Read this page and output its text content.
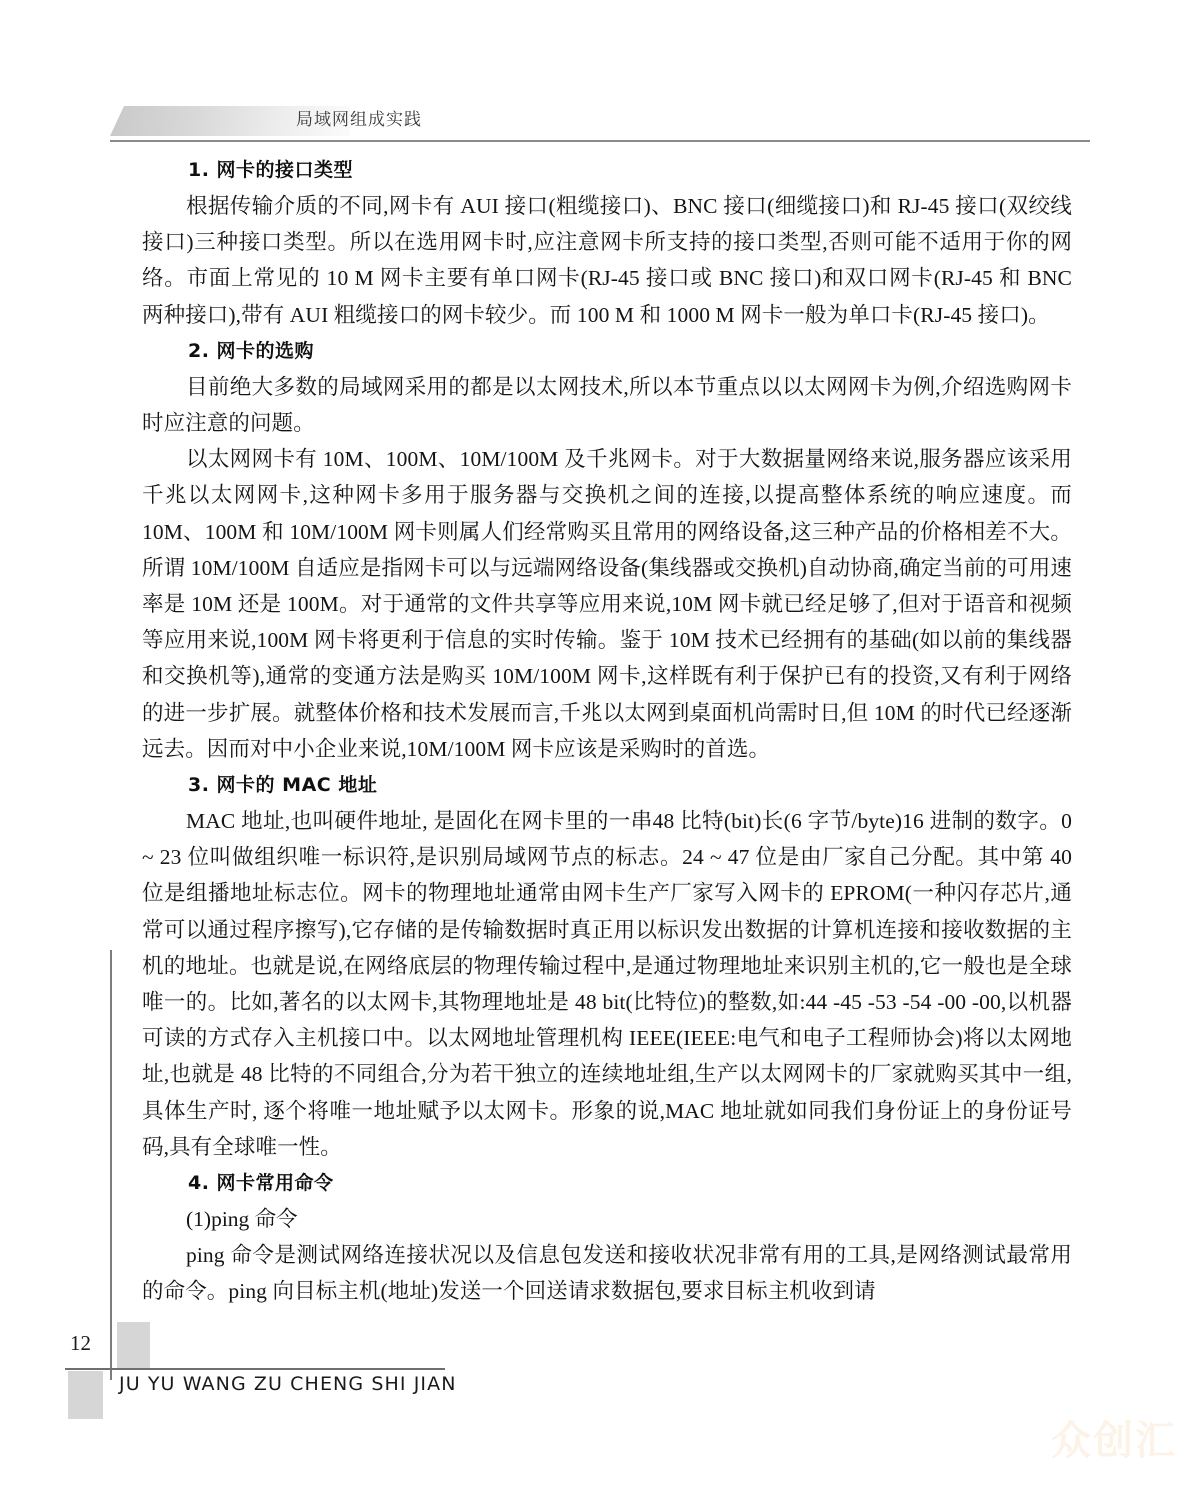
局域网组成实践
1. 网卡的接口类型

根据传输介质的不同,网卡有 AUI 接口(粗缆接口)、BNC 接口(细缆接口)和 RJ-45 接口(双绞线接口)三种接口类型。所以在选用网卡时,应注意网卡所支持的接口类型,否则可能不适用于你的网络。市面上常见的 10 M 网卡主要有单口网卡(RJ-45 接口或 BNC 接口)和双口网卡(RJ-45 和 BNC 两种接口),带有 AUI 粗缆接口的网卡较少。而 100 M 和 1000 M 网卡一般为单口卡(RJ-45 接口)。

2. 网卡的选购

目前绝大多数的局域网采用的都是以太网技术,所以本节重点以以太网网卡为例,介绍选购网卡时应注意的问题。

以太网网卡有 10M、100M、10M/100M 及千兆网卡。对于大数据量网络来说,服务器应该采用千兆以太网网卡,这种网卡多用于服务器与交换机之间的连接,以提高整体系统的响应速度。而 10M、100M 和 10M/100M 网卡则属人们经常购买且常用的网络设备,这三种产品的价格相差不大。所谓 10M/100M 自适应是指网卡可以与远端网络设备(集线器或交换机)自动协商,确定当前的可用速率是 10M 还是 100M。对于通常的文件共享等应用来说,10M 网卡就已经足够了,但对于语音和视频等应用来说,100M 网卡将更利于信息的实时传输。鉴于 10M 技术已经拥有的基础(如以前的集线器和交换机等),通常的变通方法是购买 10M/100M 网卡,这样既有利于保护已有的投资,又有利于网络的进一步扩展。就整体价格和技术发展而言,千兆以太网到桌面机尚需时日,但 10M 的时代已经逐渐远去。因而对中小企业来说,10M/100M 网卡应该是采购时的首选。

3. 网卡的 MAC 地址

MAC 地址,也叫硬件地址, 是固化在网卡里的一串48 比特(bit)长(6 字节/byte)16 进制的数字。0 ~ 23 位叫做组织唯一标识符,是识别局域网节点的标志。24 ~ 47 位是由厂家自己分配。其中第 40 位是组播地址标志位。网卡的物理地址通常由网卡生产厂家写入网卡的 EPROM(一种闪存芯片,通常可以通过程序擦写),它存储的是传输数据时真正用以标识发出数据的计算机连接和接收数据的主机的地址。也就是说,在网络底层的物理传输过程中,是通过物理地址来识别主机的,它一般也是全球唯一的。比如,著名的以太网卡,其物理地址是 48 bit(比特位)的整数,如:44 -45 -53 -54 -00 -00,以机器可读的方式存入主机接口中。以太网地址管理机构 IEEE(IEEE:电气和电子工程师协会)将以太网地址,也就是 48 比特的不同组合,分为若干独立的连续地址组,生产以太网网卡的厂家就购买其中一组,具体生产时, 逐个将唯一地址赋予以太网卡。形象的说,MAC 地址就如同我们身份证上的身份证号码,具有全球唯一性。

4. 网卡常用命令

(1)ping 命令

ping 命令是测试网络连接状况以及信息包发送和接收状况非常有用的工具,是网络测试最常用的命令。ping 向目标主机(地址)发送一个回送请求数据包,要求目标主机收到请

12
JU YU WANG ZU CHENG SHI JIAN
众创汇
